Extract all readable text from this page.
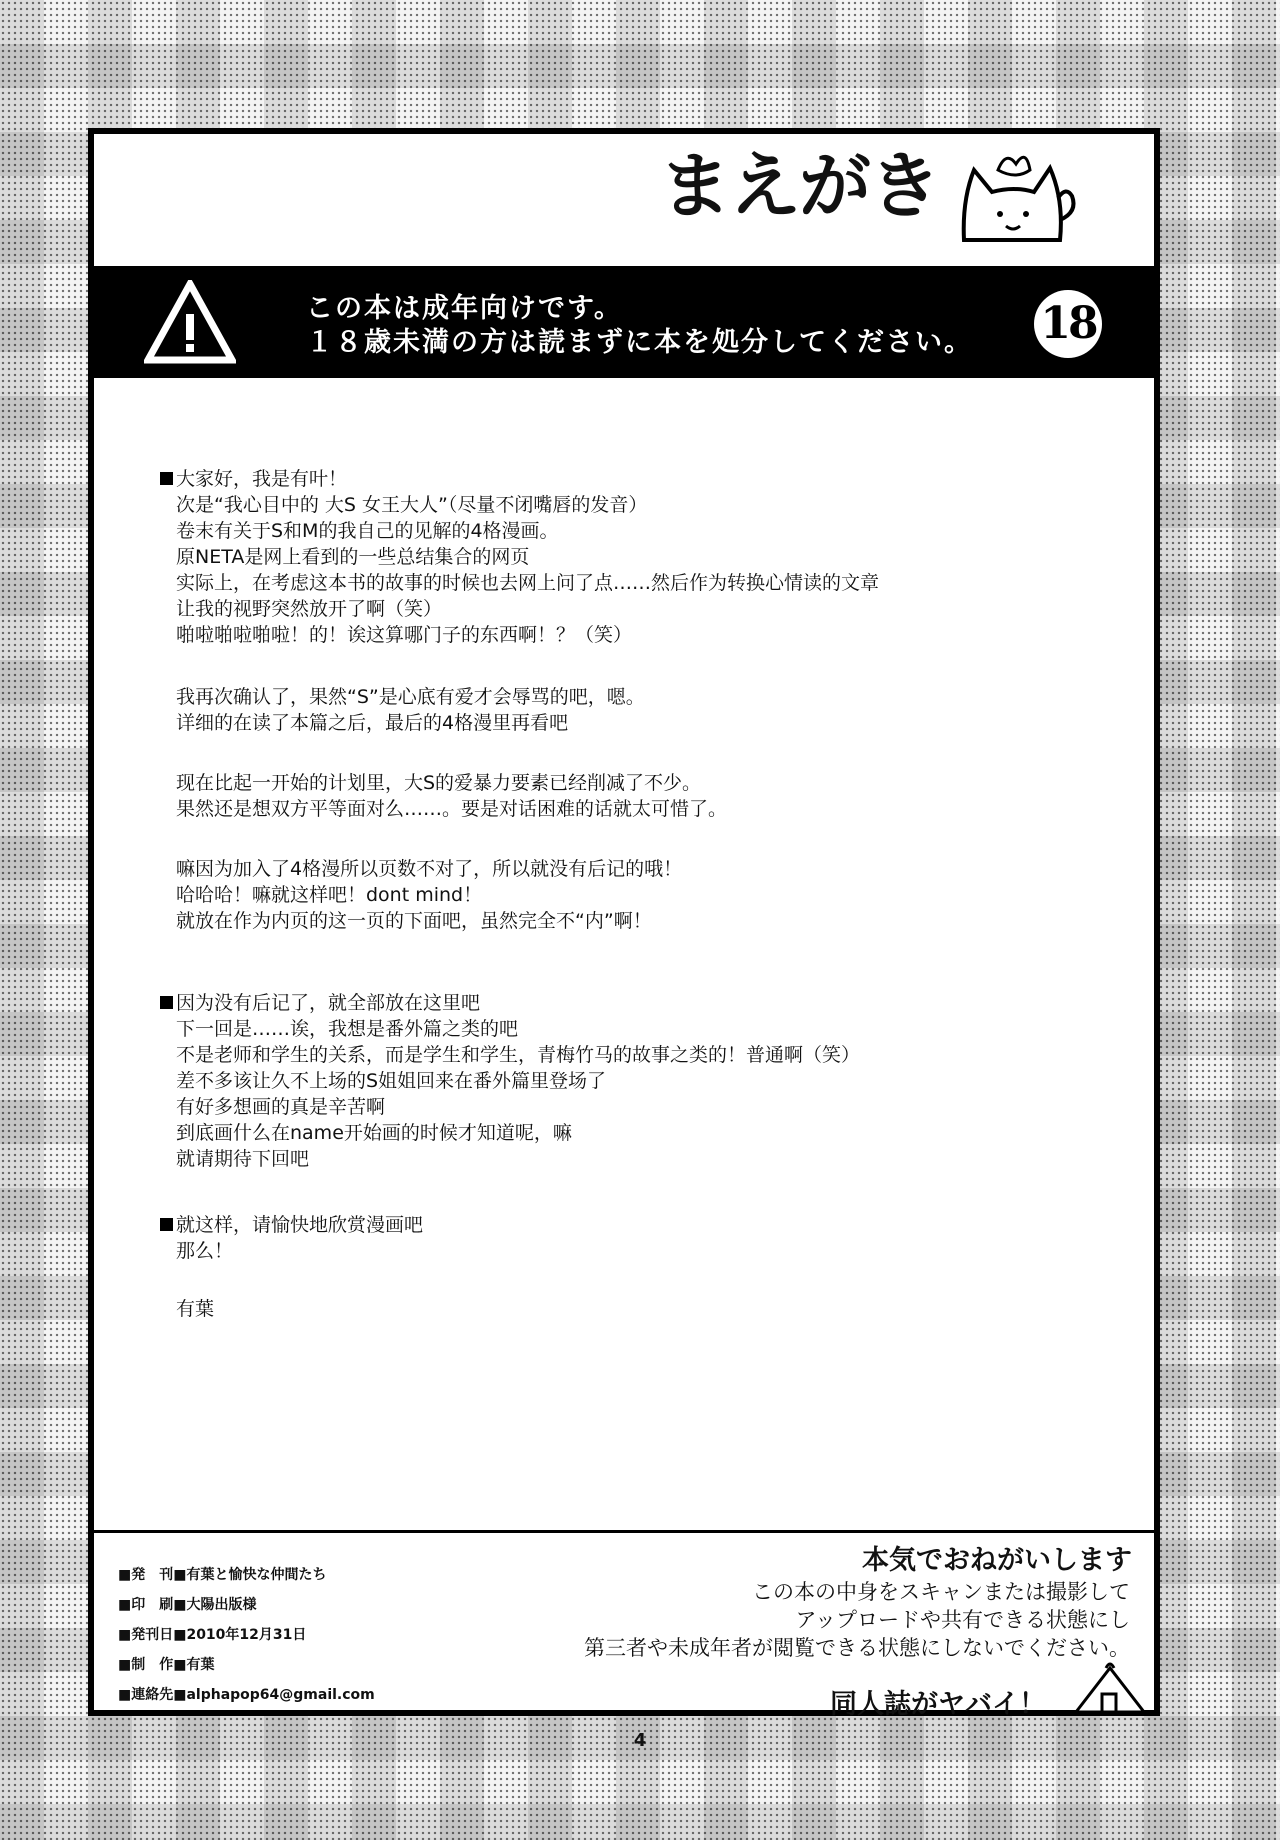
まえがき
この本は成年向けです。
１８歳未満の方は読まずに本を処分してください。 18
大家好，我是有叶！
次是“我心目中的 大S 女王大人”（尽量不闭嘴唇的发音）
卷末有关于S和M的我自己的见解的4格漫画。
原NETA是网上看到的一些总结集合的网页
实际上，在考虑这本书的故事的时候也去网上问了点……然后作为转换心情读的文章
让我的视野突然放开了啊（笑）
啪啦啪啦啪啦！的！诶这算哪门子的东西啊！？（笑）
我再次确认了，果然“S”是心底有爱才会辱骂的吧，嗯。
详细的在读了本篇之后，最后的4格漫里再看吧
现在比起一开始的计划里，大S的爱暴力要素已经削减了不少。
果然还是想双方平等面对么……。要是对话困难的话就太可惜了。
嘛因为加入了4格漫所以页数不对了，所以就没有后记的哦！
哈哈哈！嘛就这样吧！dont mind！
就放在作为内页的这一页的下面吧，虽然完全不“内”啊！
因为没有后记了，就全部放在这里吧
下一回是……诶，我想是番外篇之类的吧
不是老师和学生的关系，而是学生和学生，青梅竹马的故事之类的！普通啊（笑）
差不多该让久不上场的S姐姐回来在番外篇里登场了
有好多想画的真是辛苦啊
到底画什么在name开始画的时候才知道呢，嘛
就请期待下回吧
就这样，请愉快地欣赏漫画吧
那么！
有葉
■発　刊■有葉と愉快な仲間たち
■印　刷■大陽出版様
■発刊日■2010年12月31日
■制　作■有葉
■連絡先■alphapop64@gmail.com
本気でおねがいします
この本の中身をスキャンまたは撮影して
アップロードや共有できる状態にし
第三者や未成年者が閲覧できる状態にしないでください。
同人誌がヤバイ！
4
